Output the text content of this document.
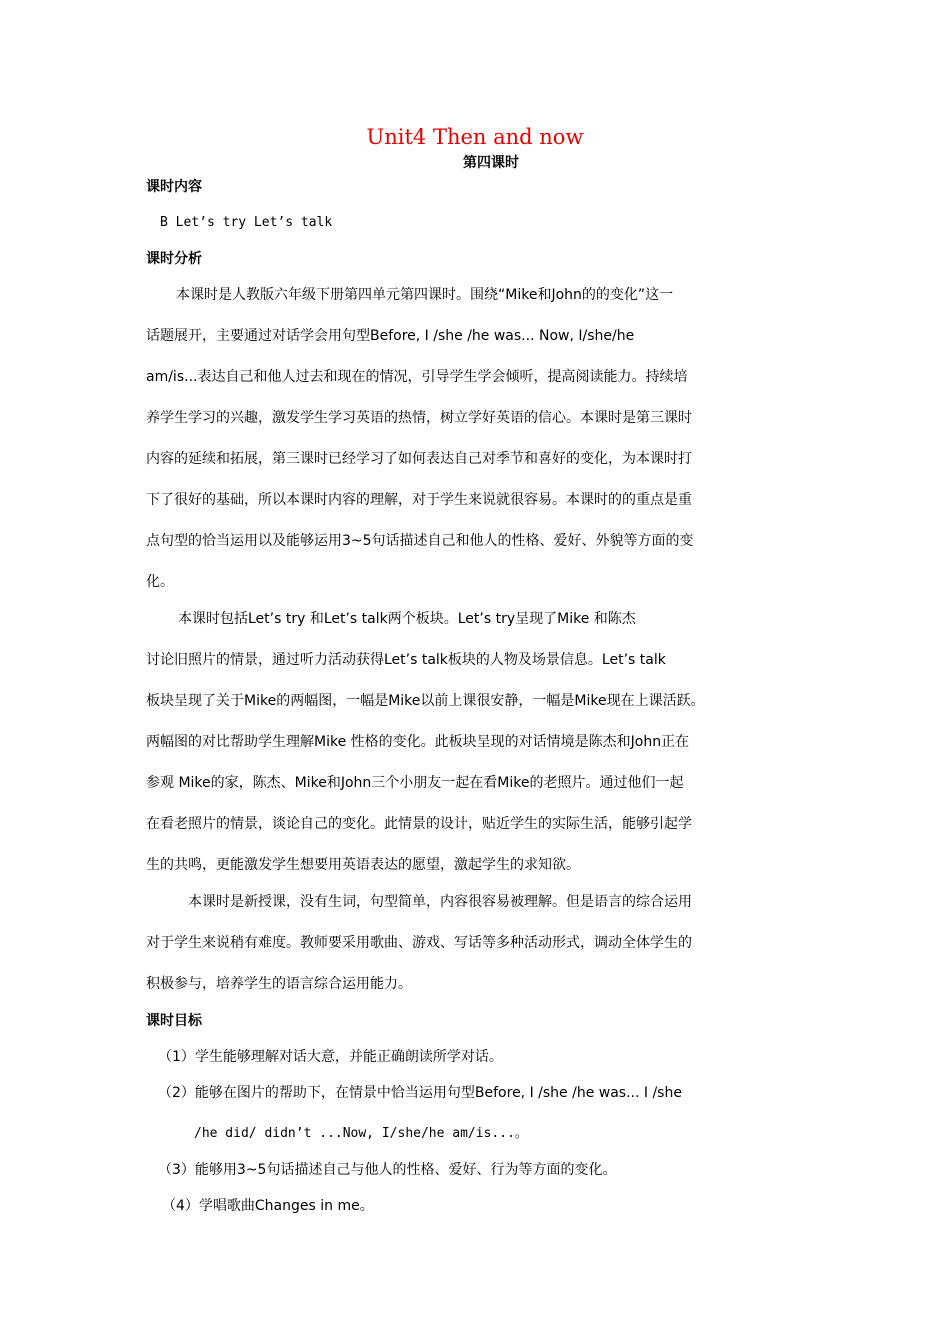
Unit4 Then and now
第四课时
课时内容
B Let’s try Let’s talk
课时分析
本课时是人教版六年级下册第四单元第四课时。围绕“Mike和John的的变化”这一
话题展开，主要通过对话学会用句型Before, I /she /he was... Now, I/she/he
am/is...表达自己和他人过去和现在的情况，引导学生学会倾听，提高阅读能力。持续培
养学生学习的兴趣，激发学生学习英语的热情，树立学好英语的信心。本课时是第三课时
内容的延续和拓展，第三课时已经学习了如何表达自己对季节和喜好的变化，为本课时打
下了很好的基础，所以本课时内容的理解，对于学生来说就很容易。本课时的的重点是重
点句型的恰当运用以及能够运用3~5句话描述自己和他人的性格、爱好、外貌等方面的变
化。
本课时包括Let’s try 和Let’s talk两个板块。Let’s try呈现了Mike 和陈杰
讨论旧照片的情景，通过听力活动获得Let’s talk板块的人物及场景信息。Let’s talk
板块呈现了关于Mike的两幅图，一幅是Mike以前上课很安静，一幅是Mike现在上课活跃。
两幅图的对比帮助学生理解Mike 性格的变化。此板块呈现的对话情境是陈杰和John正在
参观 Mike的家，陈杰、Mike和John三个小朋友一起在看Mike的老照片。通过他们一起
在看老照片的情景，谈论自己的变化。此情景的设计，贴近学生的实际生活，能够引起学
生的共鸣，更能激发学生想要用英语表达的愿望，激起学生的求知欲。
本课时是新授课，没有生词，句型简单，内容很容易被理解。但是语言的综合运用
对于学生来说稍有难度。教师要采用歌曲、游戏、写话等多种活动形式，调动全体学生的
积极参与，培养学生的语言综合运用能力。
课时目标
（1）学生能够理解对话大意，并能正确朗读所学对话。
（2）能够在图片的帮助下，在情景中恰当运用句型Before, I /she /he was... I /she
/he did/ didn’t ...Now, I/she/he am/is...。
（3）能够用3~5句话描述自己与他人的性格、爱好、行为等方面的变化。
（4）学唱歌曲Changes in me。
